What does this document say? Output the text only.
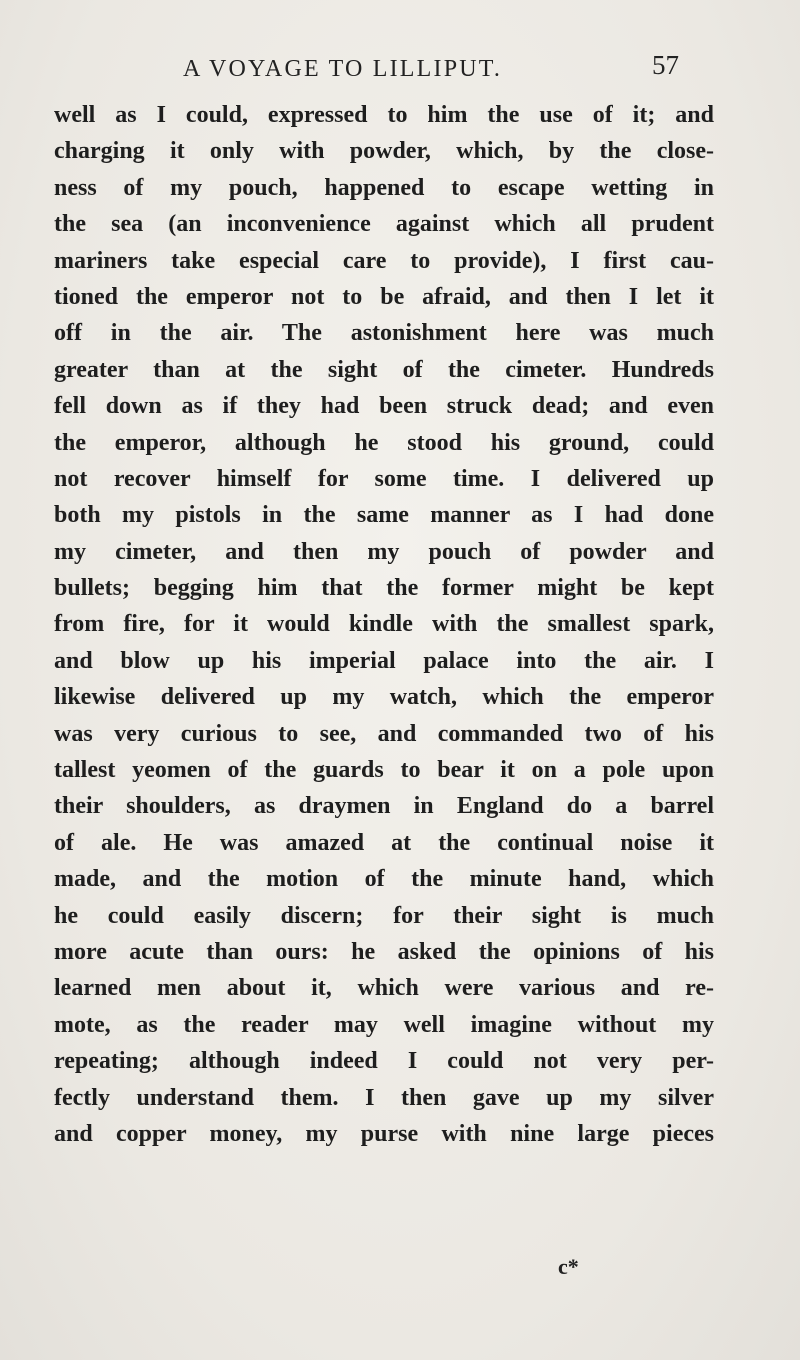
A VOYAGE TO LILLIPUT.	57
well as I could, expressed to him the use of it; and
charging it only with powder, which, by the close-
ness of my pouch, happened to escape wetting in
the sea (an inconvenience against which all prudent
mariners take especial care to provide), I first cau-
tioned the emperor not to be afraid, and then I let it
off in the air. The astonishment here was much
greater than at the sight of the cimeter. Hundreds
fell down as if they had been struck dead; and even
the emperor, although he stood his ground, could
not recover himself for some time. I delivered up
both my pistols in the same manner as I had done
my cimeter, and then my pouch of powder and
bullets; begging him that the former might be kept
from fire, for it would kindle with the smallest spark,
and blow up his imperial palace into the air. I
likewise delivered up my watch, which the emperor
was very curious to see, and commanded two of his
tallest yeomen of the guards to bear it on a pole upon
their shoulders, as draymen in England do a barrel
of ale. He was amazed at the continual noise it
made, and the motion of the minute hand, which
he could easily discern; for their sight is much
more acute than ours: he asked the opinions of his
learned men about it, which were various and re-
mote, as the reader may well imagine without my
repeating; although indeed I could not very per-
fectly understand them. I then gave up my silver
and copper money, my purse with nine large pieces
c*
